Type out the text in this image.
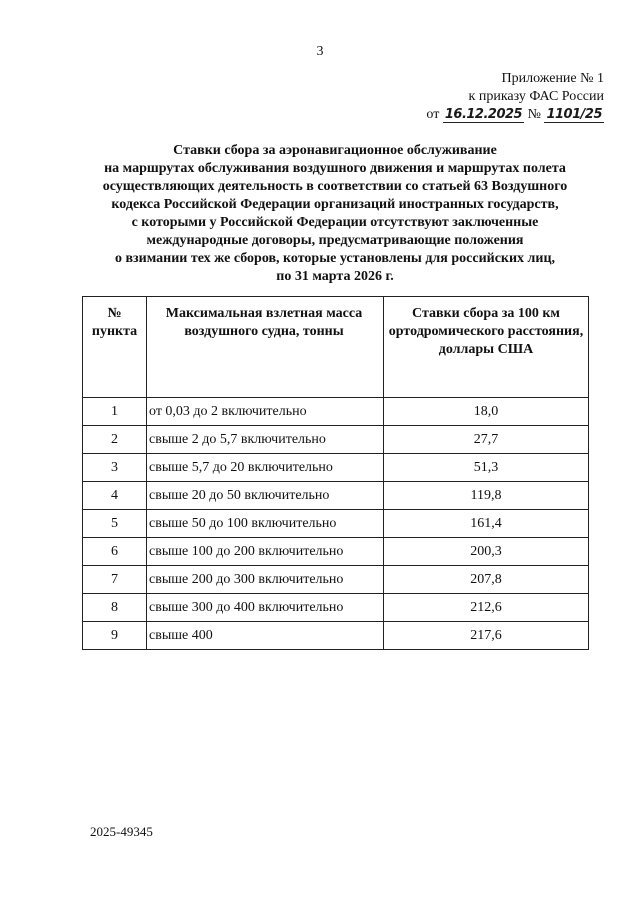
3
Приложение № 1
к приказу ФАС России
от 16.12.2025 № 1101/25
Ставки сбора за аэронавигационное обслуживание
на маршрутах обслуживания воздушного движения и маршрутах полета
осуществляющих деятельность в соответствии со статьей 63 Воздушного
кодекса Российской Федерации организаций иностранных государств,
с которыми у Российской Федерации отсутствуют заключенные
международные договоры, предусматривающие положения
о взимании тех же сборов, которые установлены для российских лиц,
по 31 марта 2026 г.
№ пункта	Максимальная взлетная масса воздушного судна, тонны	Ставки сбора за 100 км ортодромического расстояния, доллары США
1	от 0,03 до 2 включительно	18,0
2	свыше 2 до 5,7 включительно	27,7
3	свыше 5,7 до 20 включительно	51,3
4	свыше 20 до 50 включительно	119,8
5	свыше 50 до 100 включительно	161,4
6	свыше 100 до 200 включительно	200,3
7	свыше 200 до 300 включительно	207,8
8	свыше 300 до 400 включительно	212,6
9	свыше 400	217,6
2025-49345
